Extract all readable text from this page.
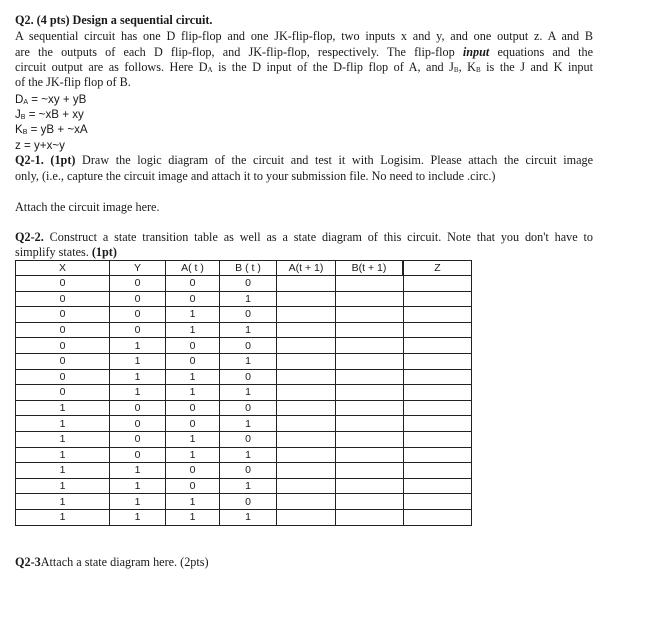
Q2. (4 pts) Design a sequential circuit.
A sequential circuit has one D flip-flop and one JK-flip-flop, two inputs x and y, and one output z. A and B
are the outputs of each D flip-flop, and JK-flip-flop, respectively. The flip-flop input equations and the
circuit output are as follows. Here $D_A$ is the D input of the D-flip flop of A, and $J_B$, $K_B$ is the J and K input
of the JK-flip flop of B.
$D_A$ = ~xy + yB
$J_B$ = ~xB + xy
$K_B$ = yB + ~xA
z = y+x~y
Q2-1. (1pt) Draw the logic diagram of the circuit and test it with Logisim. Please attach the circuit image
only, (i.e., capture the circuit image and attach it to your submission file. No need to include .circ.)
Attach the circuit image here.
Q2-2. Construct a state transition table as well as a state diagram of this circuit. Note that you don't have to
simplify states. (1pt)
X	Y	A( t )	B ( t )	A(t + 1)	B(t + 1)	Z
0	0	0	0			
0	0	0	1			
0	0	1	0			
0	0	1	1			
0	1	0	0			
0	1	0	1			
0	1	1	0			
0	1	1	1			
1	0	0	0			
1	0	0	1			
1	0	1	0			
1	0	1	1			
1	1	0	0			
1	1	0	1			
1	1	1	0			
1	1	1	1			
Q2-3Attach a state diagram here. (2pts)
